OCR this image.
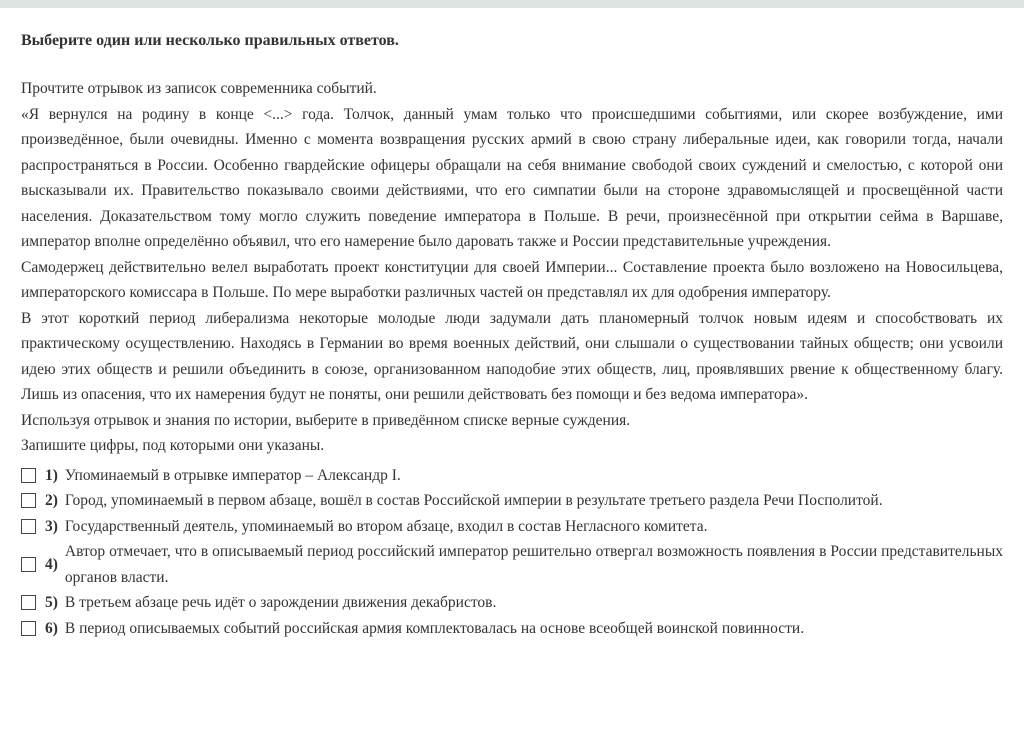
Выберите один или несколько правильных ответов.

Прочтите отрывок из записок современника событий.

«Я вернулся на родину в конце <...> года. Толчок, данный умам только что происшедшими событиями, или скорее возбуждение, ими произведённое, были очевидны. Именно с момента возвращения русских армий в свою страну либеральные идеи, как говорили тогда, начали распространяться в России. Особенно гвардейские офицеры обращали на себя внимание свободой своих суждений и смелостью, с которой они высказывали их. Правительство показывало своими действиями, что его симпатии были на стороне здравомыслящей и просвещённой части населения. Доказательством тому могло служить поведение императора в Польше. В речи, произнесённой при открытии сейма в Варшаве, император вполне определённо объявил, что его намерение было даровать также и России представительные учреждения.

Самодержец действительно велел выработать проект конституции для своей Империи... Составление проекта было возложено на Новосильцева, императорского комиссара в Польше. По мере выработки различных частей он представлял их для одобрения императору.

В этот короткий период либерализма некоторые молодые люди задумали дать планомерный толчок новым идеям и способствовать их практическому осуществлению. Находясь в Германии во время военных действий, они слышали о существовании тайных обществ; они усвоили идею этих обществ и решили объединить в союзе, организованном наподобие этих обществ, лиц, проявлявших рвение к общественному благу. Лишь из опасения, что их намерения будут не поняты, они решили действовать без помощи и без ведома императора».

Используя отрывок и знания по истории, выберите в приведённом списке верные суждения.

Запишите цифры, под которыми они указаны.

1) Упоминаемый в отрывке император – Александр I.
2) Город, упоминаемый в первом абзаце, вошёл в состав Российской империи в результате третьего раздела Речи Посполитой.
3) Государственный деятель, упоминаемый во втором абзаце, входил в состав Негласного комитета.
4)
Автор отмечает, что в описываемый период российский император решительно отвергал возможность появления в России представительных органов власти.
5) В третьем абзаце речь идёт о зарождении движения декабристов.
6) В период описываемых событий российская армия комплектовалась на основе всеобщей воинской повинности.
